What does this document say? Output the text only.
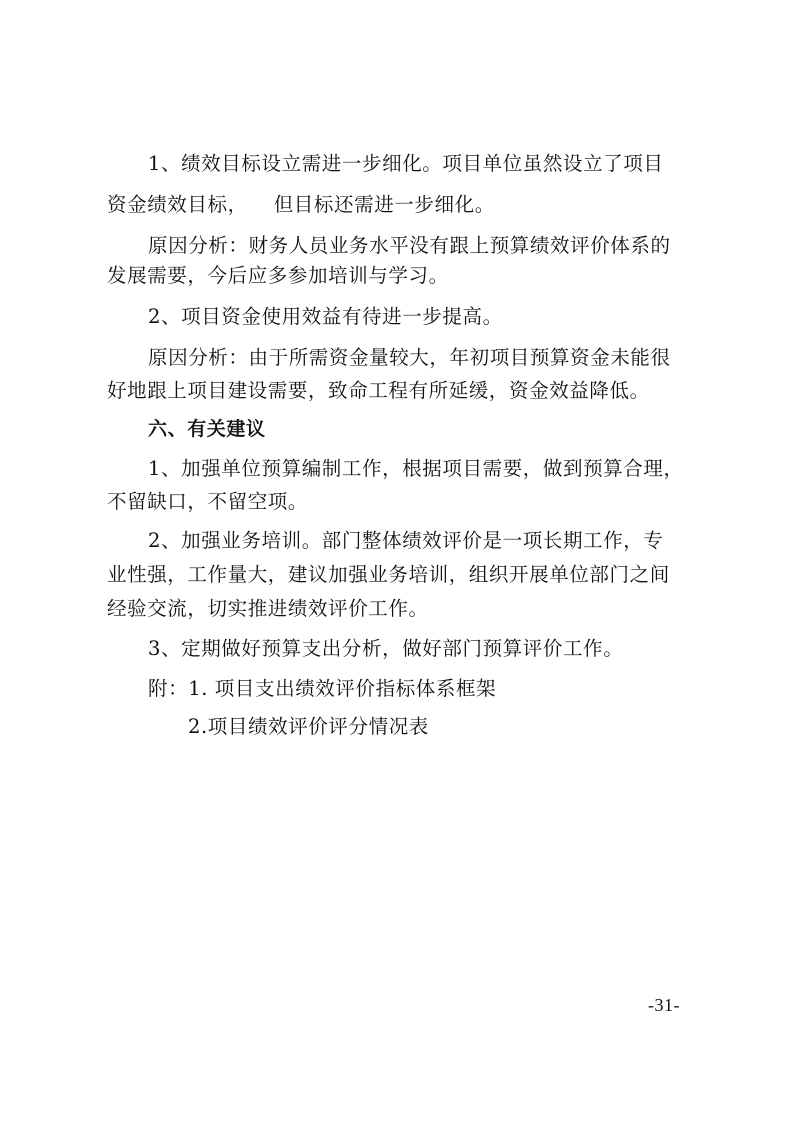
1、绩效目标设立需进一步细化。项目单位虽然设立了项目
资金绩效目标， 但目标还需进一步细化。
原因分析：财务人员业务水平没有跟上预算绩效评价体系的
发展需要，今后应多参加培训与学习。
2、项目资金使用效益有待进一步提高。
原因分析：由于所需资金量较大，年初项目预算资金未能很
好地跟上项目建设需要，致命工程有所延缓，资金效益降低。
六、有关建议
1、加强单位预算编制工作，根据项目需要，做到预算合理，
不留缺口，不留空项。
2、加强业务培训。部门整体绩效评价是一项长期工作，专
业性强，工作量大，建议加强业务培训，组织开展单位部门之间
经验交流，切实推进绩效评价工作。
3、定期做好预算支出分析，做好部门预算评价工作。
附：1. 项目支出绩效评价指标体系框架
2.项目绩效评价评分情况表
-31-
